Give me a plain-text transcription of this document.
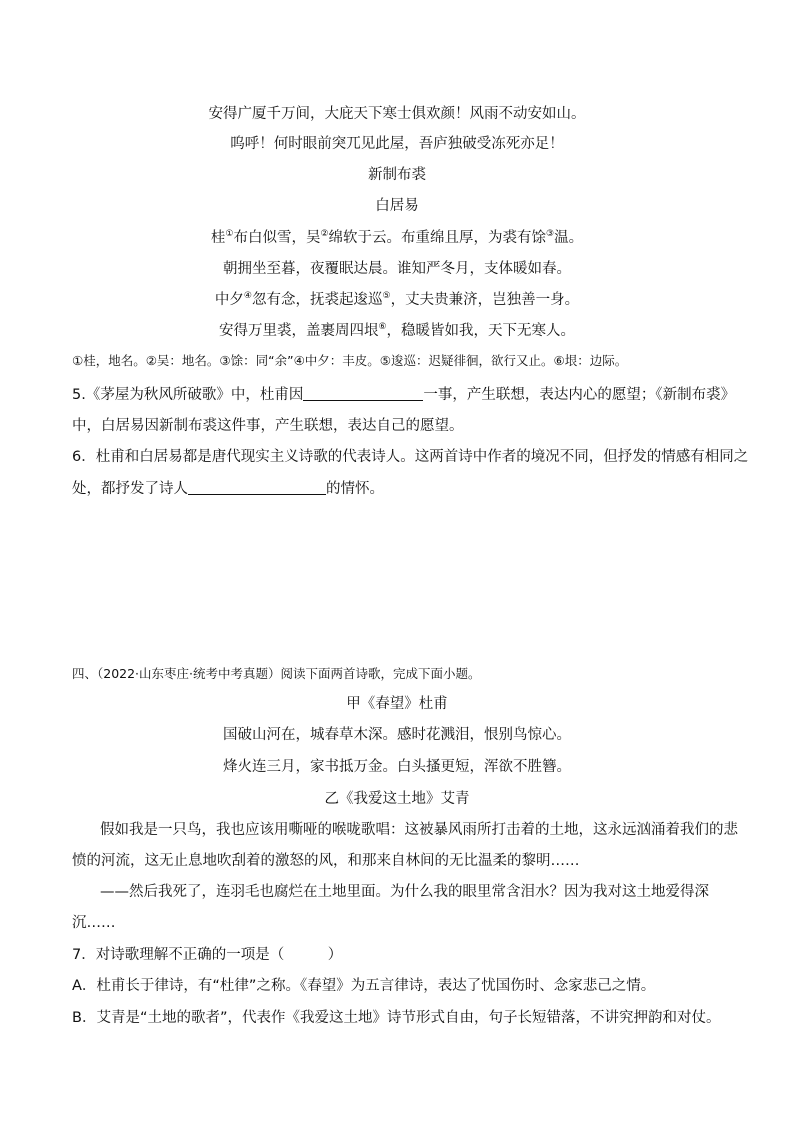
安得广厦千万间，大庇天下寒士俱欢颜！风雨不动安如山。
呜呼！何时眼前突兀见此屋，吾庐独破受冻死亦足！
新制布裘
白居易
桂①布白似雪，吴②绵软于云。布重绵且厚，为裘有馀③温。
朝拥坐至暮，夜覆眠达晨。谁知严冬月，支体暖如春。
中夕④忽有念，抚裘起逡巡⑤，丈夫贵兼济，岂独善一身。
安得万里裘，盖裹周四垠⑥，稳暖皆如我，天下无寒人。
①桂，地名。②吴：地名。③馀：同“余”④中夕：丰皮。⑤逡巡：迟疑徘徊，欲行又止。⑥垠：边际。
5.《茅屋为秋风所破歌》中，杜甫因	一事，产生联想，表达内心的愿望；《新制布裘》
中，白居易因新制布裘这件事，产生联想，表达自己的愿望。
6．杜甫和白居易都是唐代现实主义诗歌的代表诗人。这两首诗中作者的境况不同，但抒发的情感有相同之
处，都抒发了诗人	的情怀。
四、（2022·山东枣庄·统考中考真题）阅读下面两首诗歌，完成下面小题。
甲《春望》杜甫
国破山河在，城春草木深。感时花溅泪，恨别鸟惊心。
烽火连三月，家书抵万金。白头搔更短，浑欲不胜簪。
乙《我爱这土地》艾青
假如我是一只鸟，我也应该用嘶哑的喉咙歌唱：这被暴风雨所打击着的土地，这永远汹涌着我们的悲
愤的河流，这无止息地吹刮着的激怒的风，和那来自林间的无比温柔的黎明……
——然后我死了，连羽毛也腐烂在土地里面。为什么我的眼里常含泪水？因为我对这土地爱得深
沉……
7．对诗歌理解不正确的一项是（　　　）
A．杜甫长于律诗，有“杜律”之称。《春望》为五言律诗，表达了忧国伤时、念家悲己之情。
B．艾青是“土地的歌者”，代表作《我爱这土地》诗节形式自由，句子长短错落，不讲究押韵和对仗。
